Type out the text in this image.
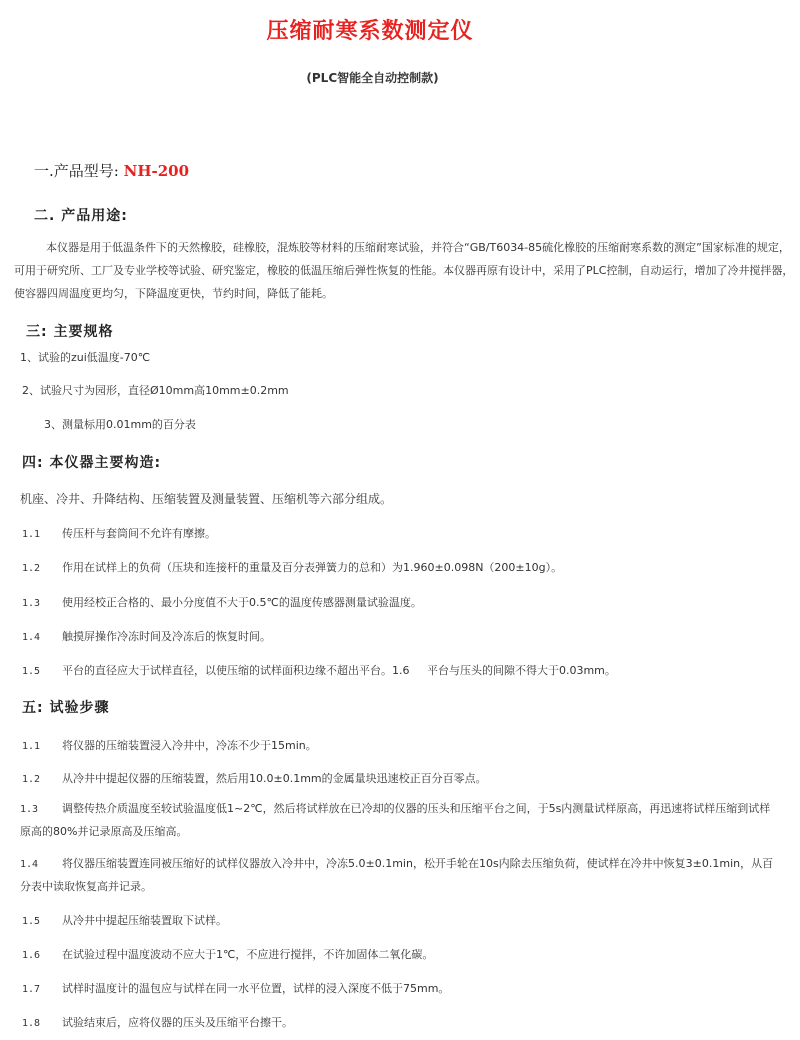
压缩耐寒系数测定仪
(PLC智能全自动控制款)
一.产品型号: NH-200
二. 产品用途:
本仪器是用于低温条件下的天然橡胶，硅橡胶，混炼胶等材料的压缩耐寒试验，并符合“GB/T6034-85硫化橡胶的压缩耐寒系数的测定”国家标准的规定，可用于研究所、工厂及专业学校等试验、研究鉴定，橡胶的低温压缩后弹性恢复的性能。本仪器再原有设计中，采用了PLC控制，自动运行，增加了冷井搅拌器，使容器四周温度更均匀，下降温度更快，节约时间，降低了能耗。
三: 主要规格
1、试验的zui低温度-70℃
2、试验尺寸为园形，直径Ø10mm高10mm±0.2mm
3、测量标用0.01mm的百分表
四: 本仪器主要构造:
机座、冷井、升降结构、压缩装置及测量装置、压缩机等六部分组成。
1.1 传压杆与套筒间不允许有摩擦。
1.2 作用在试样上的负荷（压块和连接杆的重量及百分表弹簧力的总和）为1.960±0.098N（200±10g）。
1.3 使用经校正合格的、最小分度值不大于0.5℃的温度传感器测量试验温度。
1.4 触摸屏操作冷冻时间及冷冻后的恢复时间。
1.5 平台的直径应大于试样直径，以使压缩的试样面积边缘不超出平台。1.6     平台与压头的间隙不得大于0.03mm。
五: 试验步骤
1.1 将仪器的压缩装置浸入冷井中，冷冻不少于15min。
1.2 从冷井中提起仪器的压缩装置，然后用10.0±0.1mm的金属量块迅速校正百分百零点。
1.3 调整传热介质温度至较试验温度低1~2℃，然后将试样放在已冷却的仪器的压头和压缩平台之间，于5s内测量试样原高，再迅速将试样压缩到试样原高的80%并记录原高及压缩高。
1.4 将仪器压缩装置连同被压缩好的试样仪器放入冷井中，冷冻5.0±0.1min，松开手轮在10s内除去压缩负荷，使试样在冷井中恢复3±0.1min，从百分表中读取恢复高并记录。
1.5 从冷井中提起压缩装置取下试样。
1.6 在试验过程中温度波动不应大于1℃，不应进行搅拌，不许加固体二氧化碳。
1.7 试样时温度计的温包应与试样在同一水平位置，试样的浸入深度不低于75mm。
1.8 试验结束后，应将仪器的压头及压缩平台擦干。
